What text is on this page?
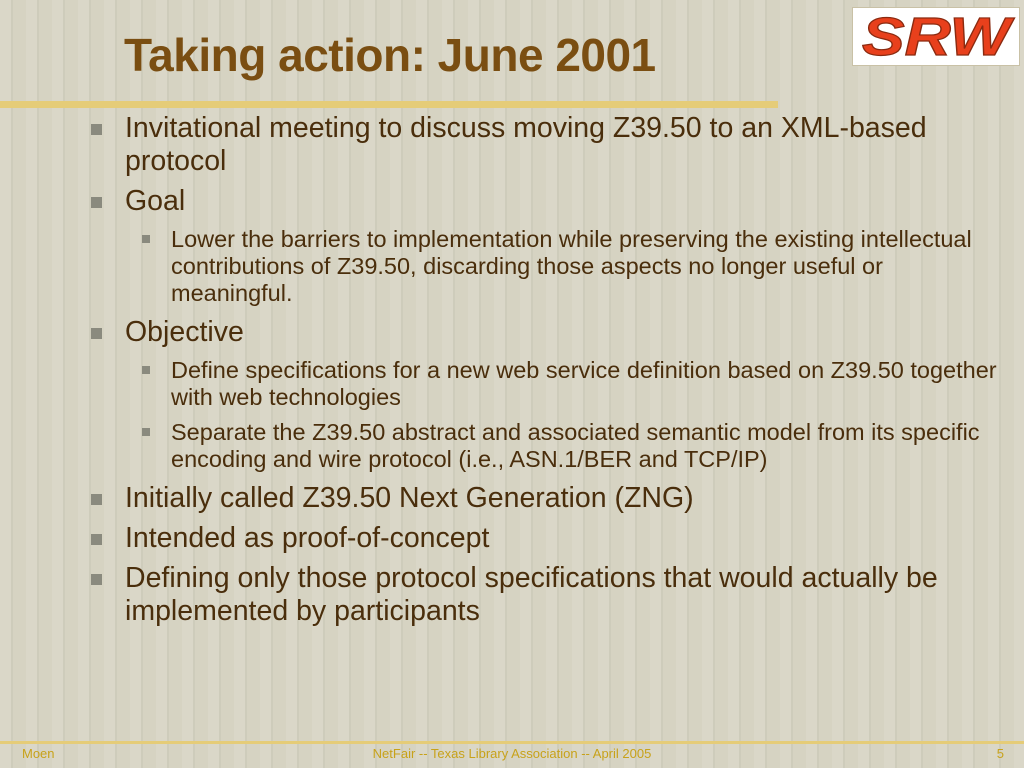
Taking action: June 2001	SRW
Invitational meeting to discuss moving Z39.50 to an XML-based protocol
Goal
Lower the barriers to implementation while preserving the existing intellectual contributions of Z39.50, discarding those aspects no longer useful or meaningful.
Objective
Define specifications for a new web service definition based on Z39.50 together with web technologies
Separate the Z39.50 abstract and associated semantic model from its specific encoding and wire protocol (i.e., ASN.1/BER and TCP/IP)
Initially called Z39.50 Next Generation (ZNG)
Intended as proof-of-concept
Defining only those protocol specifications that would actually be implemented by participants
Moen	NetFair -- Texas Library Association -- April 2005	5
